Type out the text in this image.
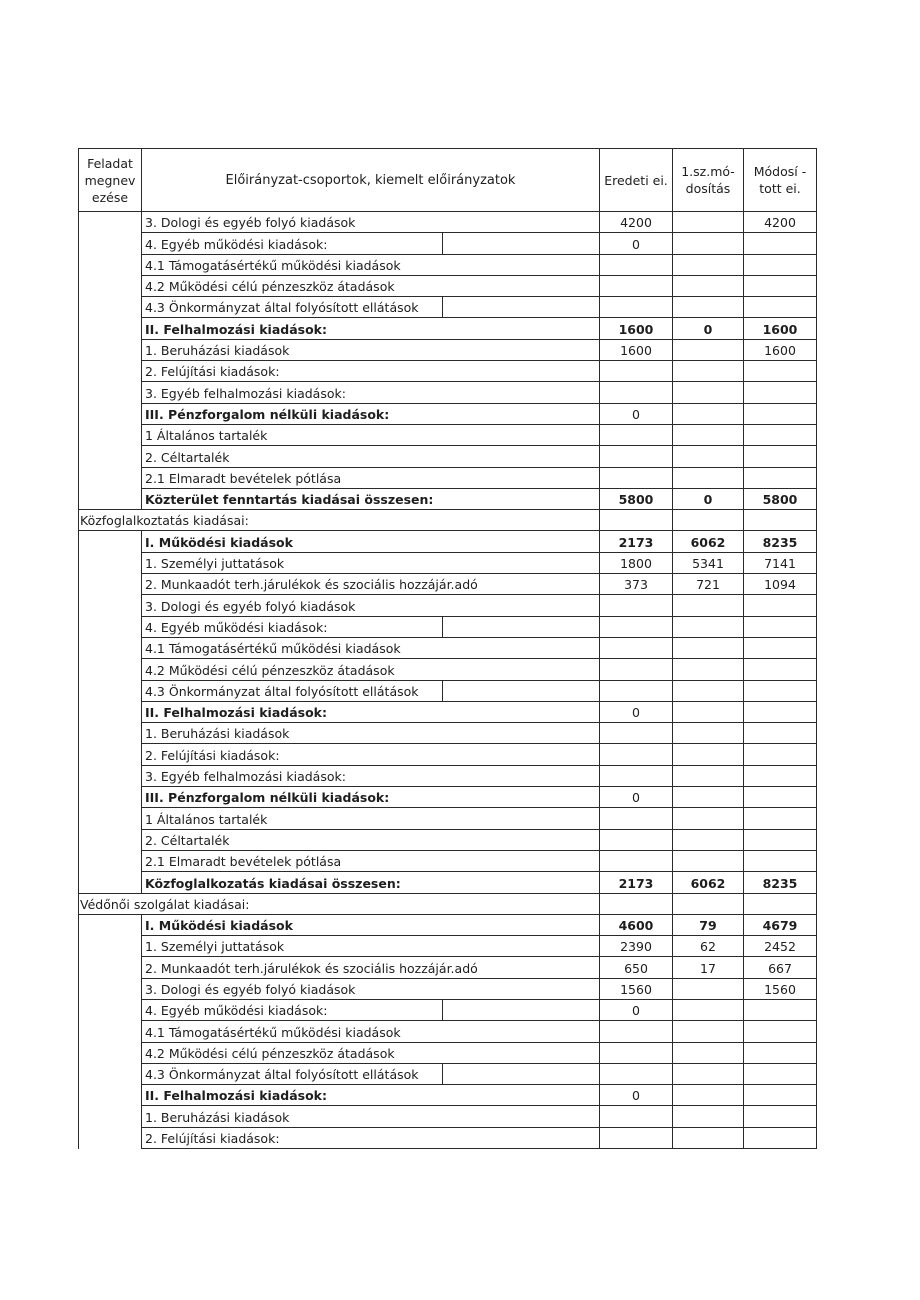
Feladat megnev ezése	Előirányzat-csoportok, kiemelt előirányzatok	Eredeti ei.	1.sz.mó-dosítás	Módosí - tott ei.
	3. Dologi és egyéb folyó kiadások	4200		4200
	4. Egyéb működési kiadások:	0		
	4.1 Támogatásértékű működési kiadások			
	4.2 Működési célú pénzeszköz átadások			
	4.3 Önkormányzat által folyósított ellátások

	II. Felhalmozási kiadások:	1600	0	1600
	1. Beruházási kiadások	1600		1600
	2. Felújítási kiadások:			
	3. Egyéb felhalmozási kiadások:			
	III. Pénzforgalom nélküli kiadások:	0		
	1 Általános tartalék			
	2. Céltartalék			
	2.1 Elmaradt bevételek pótlása			
	Közterület fenntartás kiadásai összesen:	5800	0	5800
Közfoglalkoztatás kiadásai:				
	I. Működési kiadások	2173	6062	8235
	1. Személyi juttatások	1800	5341	7141
	2. Munkaadót terh.járulékok és szociális hozzájár.adó	373	721	1094
	3. Dologi és egyéb folyó kiadások			
	4. Egyéb működési kiadások:

	4.1 Támogatásértékű működési kiadások			
	4.2 Működési célú pénzeszköz átadások			
	4.3 Önkormányzat által folyósított ellátások

	II. Felhalmozási kiadások:	0		
	1. Beruházási kiadások			
	2. Felújítási kiadások:			
	3. Egyéb felhalmozási kiadások:			
	III. Pénzforgalom nélküli kiadások:	0		
	1 Általános tartalék			
	2. Céltartalék			
	2.1 Elmaradt bevételek pótlása			
	Közfoglalkozatás kiadásai összesen:	2173	6062	8235
Védőnői szolgálat kiadásai:				
	I. Működési kiadások	4600	79	4679
	1. Személyi juttatások	2390	62	2452
	2. Munkaadót terh.járulékok és szociális hozzájár.adó	650	17	667
	3. Dologi és egyéb folyó kiadások	1560		1560
	4. Egyéb működési kiadások:	0		
	4.1 Támogatásértékű működési kiadások			
	4.2 Működési célú pénzeszköz átadások			
	4.3 Önkormányzat által folyósított ellátások

	II. Felhalmozási kiadások:	0		
	1. Beruházási kiadások			
	2. Felújítási kiadások:			
